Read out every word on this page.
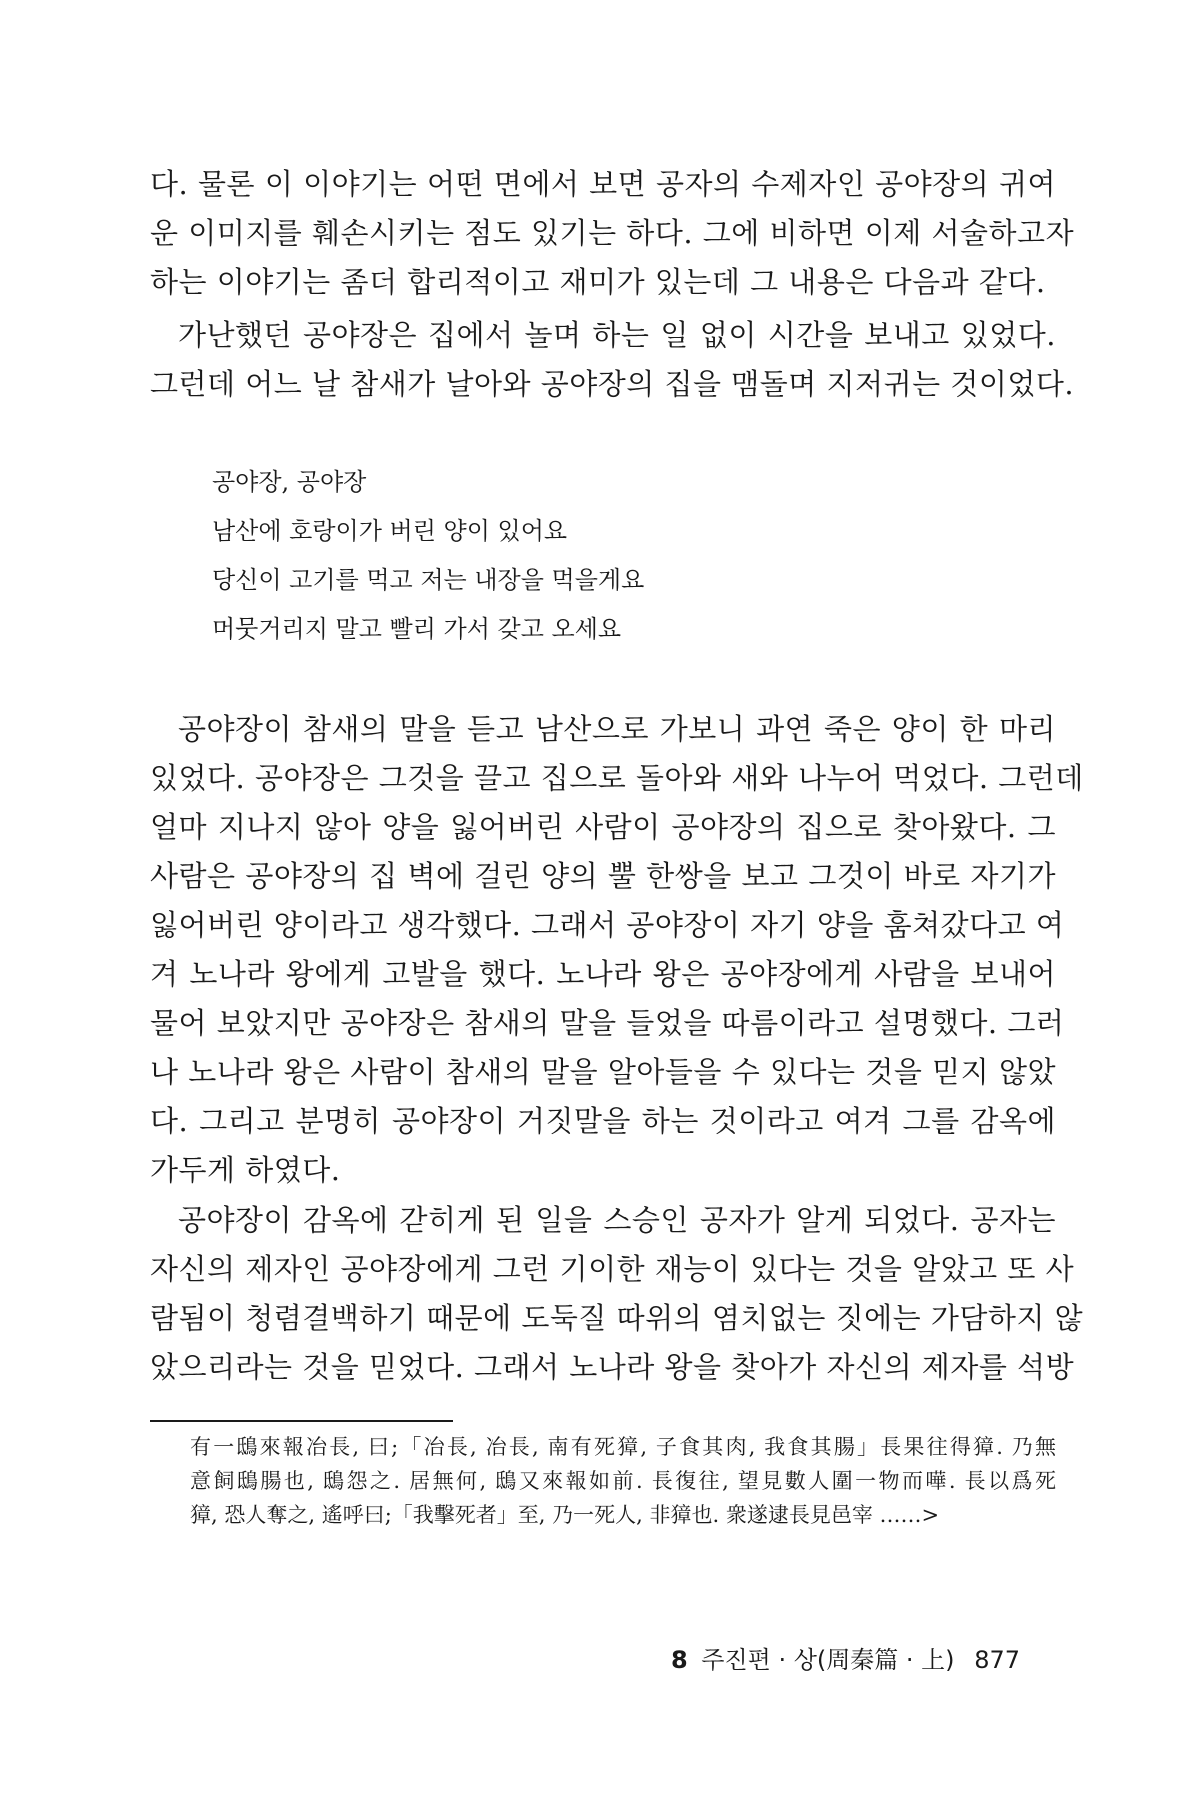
다. 물론 이 이야기는 어떤 면에서 보면 공자의 수제자인 공야장의 귀여
운 이미지를 훼손시키는 점도 있기는 하다. 그에 비하면 이제 서술하고자
하는 이야기는 좀더 합리적이고 재미가 있는데 그 내용은 다음과 같다.
가난했던 공야장은 집에서 놀며 하는 일 없이 시간을 보내고 있었다.
그런데 어느 날 참새가 날아와 공야장의 집을 맴돌며 지저귀는 것이었다.
공야장, 공야장
남산에 호랑이가 버린 양이 있어요
당신이 고기를 먹고 저는 내장을 먹을게요
머뭇거리지 말고 빨리 가서 갖고 오세요
공야장이 참새의 말을 듣고 남산으로 가보니 과연 죽은 양이 한 마리
있었다. 공야장은 그것을 끌고 집으로 돌아와 새와 나누어 먹었다. 그런데
얼마 지나지 않아 양을 잃어버린 사람이 공야장의 집으로 찾아왔다. 그
사람은 공야장의 집 벽에 걸린 양의 뿔 한쌍을 보고 그것이 바로 자기가
잃어버린 양이라고 생각했다. 그래서 공야장이 자기 양을 훔쳐갔다고 여
겨 노나라 왕에게 고발을 했다. 노나라 왕은 공야장에게 사람을 보내어
물어 보았지만 공야장은 참새의 말을 들었을 따름이라고 설명했다. 그러
나 노나라 왕은 사람이 참새의 말을 알아들을 수 있다는 것을 믿지 않았
다. 그리고 분명히 공야장이 거짓말을 하는 것이라고 여겨 그를 감옥에
가두게 하였다.
공야장이 감옥에 갇히게 된 일을 스승인 공자가 알게 되었다. 공자는
자신의 제자인 공야장에게 그런 기이한 재능이 있다는 것을 알았고 또 사
람됨이 청렴결백하기 때문에 도둑질 따위의 염치없는 짓에는 가담하지 않
았으리라는 것을 믿었다. 그래서 노나라 왕을 찾아가 자신의 제자를 석방
有一鴟來報冶長, 曰;「冶長, 冶長, 南有死獐, 子食其肉, 我食其腸」長果往得獐. 乃無
意飼鴟腸也, 鴟怨之. 居無何, 鴟又來報如前. 長復往, 望見數人圍一物而嘩. 長以爲死
獐, 恐人奪之, 遙呼曰;「我擊死者」至, 乃一死人, 非獐也. 衆遂逮長見邑宰 ……>
8 주진편 · 상(周秦篇 · 上) 877
